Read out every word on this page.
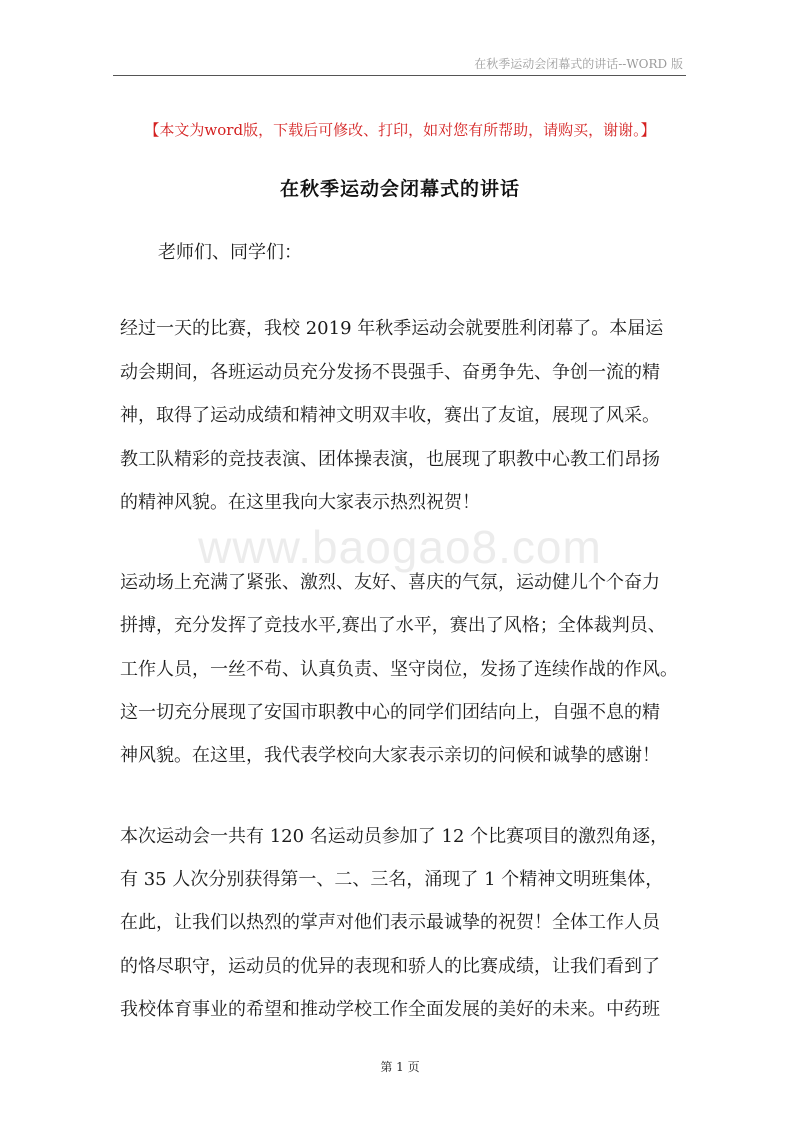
在秋季运动会闭幕式的讲话--WORD 版
【本文为word版，下载后可修改、打印，如对您有所帮助，请购买，谢谢。】
在秋季运动会闭幕式的讲话
老师们、同学们：
www.baogao8.com
经过一天的比赛，我校 2019 年秋季运动会就要胜利闭幕了。本届运
动会期间，各班运动员充分发扬不畏强手、奋勇争先、争创一流的精
神，取得了运动成绩和精神文明双丰收，赛出了友谊，展现了风采。
教工队精彩的竞技表演、团体操表演，也展现了职教中心教工们昂扬
的精神风貌。在这里我向大家表示热烈祝贺！
运动场上充满了紧张、激烈、友好、喜庆的气氛，运动健儿个个奋力
拼搏，充分发挥了竞技水平,赛出了水平，赛出了风格；全体裁判员、
工作人员，一丝不苟、认真负责、坚守岗位，发扬了连续作战的作风。
这一切充分展现了安国市职教中心的同学们团结向上，自强不息的精
神风貌。在这里，我代表学校向大家表示亲切的问候和诚挚的感谢！
本次运动会一共有 120 名运动员参加了 12 个比赛项目的激烈角逐，
有 35 人次分别获得第一、二、三名，涌现了 1 个精神文明班集体，
在此，让我们以热烈的掌声对他们表示最诚挚的祝贺！全体工作人员
的恪尽职守，运动员的优异的表现和骄人的比赛成绩，让我们看到了
我校体育事业的希望和推动学校工作全面发展的美好的未来。中药班
第 1 页
